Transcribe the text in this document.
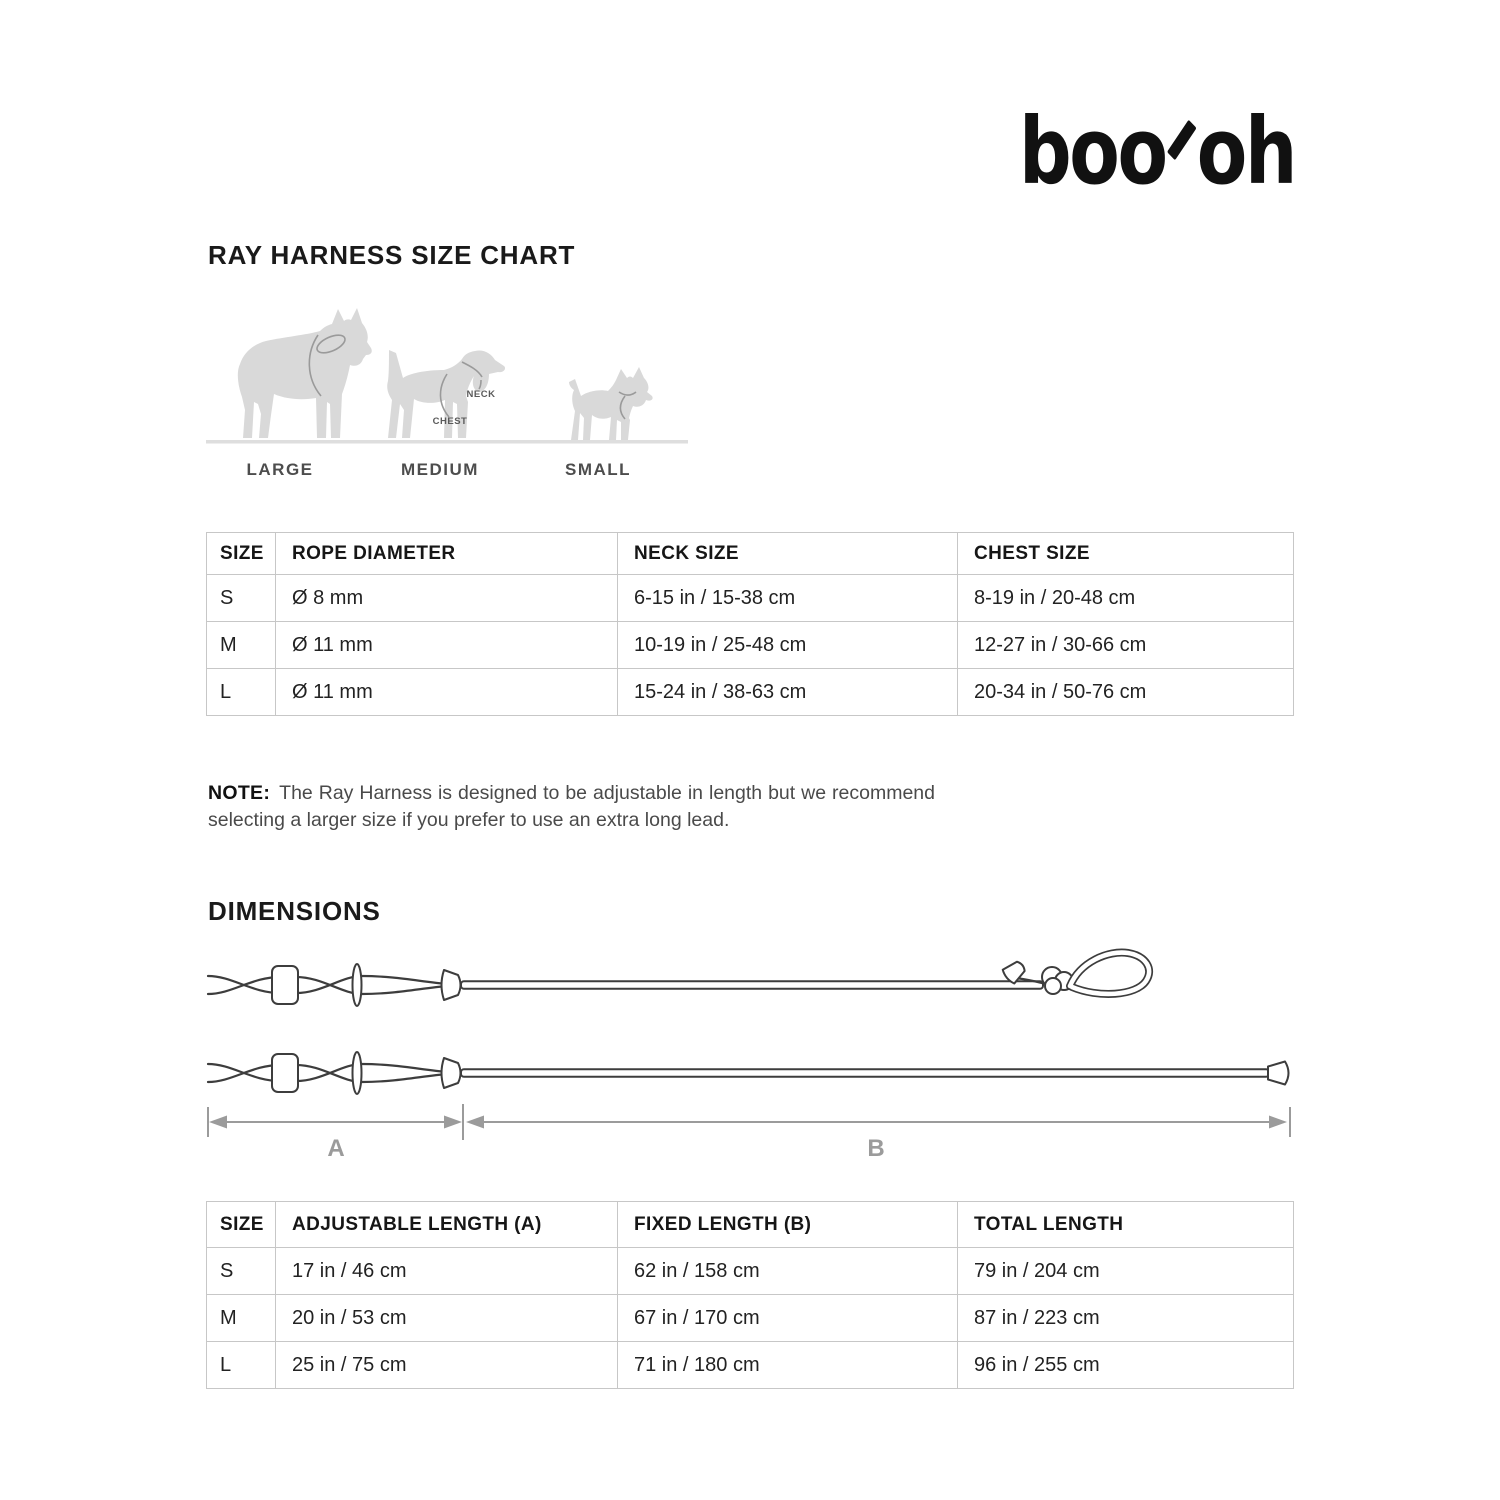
boo oh
RAY HARNESS SIZE CHART
NECK
CHEST
LARGE	MEDIUM	SMALL
SIZE	ROPE DIAMETER	NECK SIZE	CHEST SIZE
S	Ø 8 mm	6-15 in / 15-38 cm	8-19 in / 20-48 cm
M	Ø 11 mm	10-19 in / 25-48 cm	12-27 in / 30-66 cm
L	Ø 11 mm	15-24 in / 38-63 cm	20-34 in / 50-76 cm

NOTE: The Ray Harness is designed to be adjustable in length but we recommend selecting a larger size if you prefer to use an extra long lead.

DIMENSIONS
A	B
SIZE	ADJUSTABLE LENGTH (A)	FIXED LENGTH (B)	TOTAL LENGTH
S	17 in / 46 cm	62 in / 158 cm	79 in / 204 cm
M	20 in / 53 cm	67 in / 170 cm	87 in / 223 cm
L	25 in / 75 cm	71 in / 180 cm	96 in / 255 cm
